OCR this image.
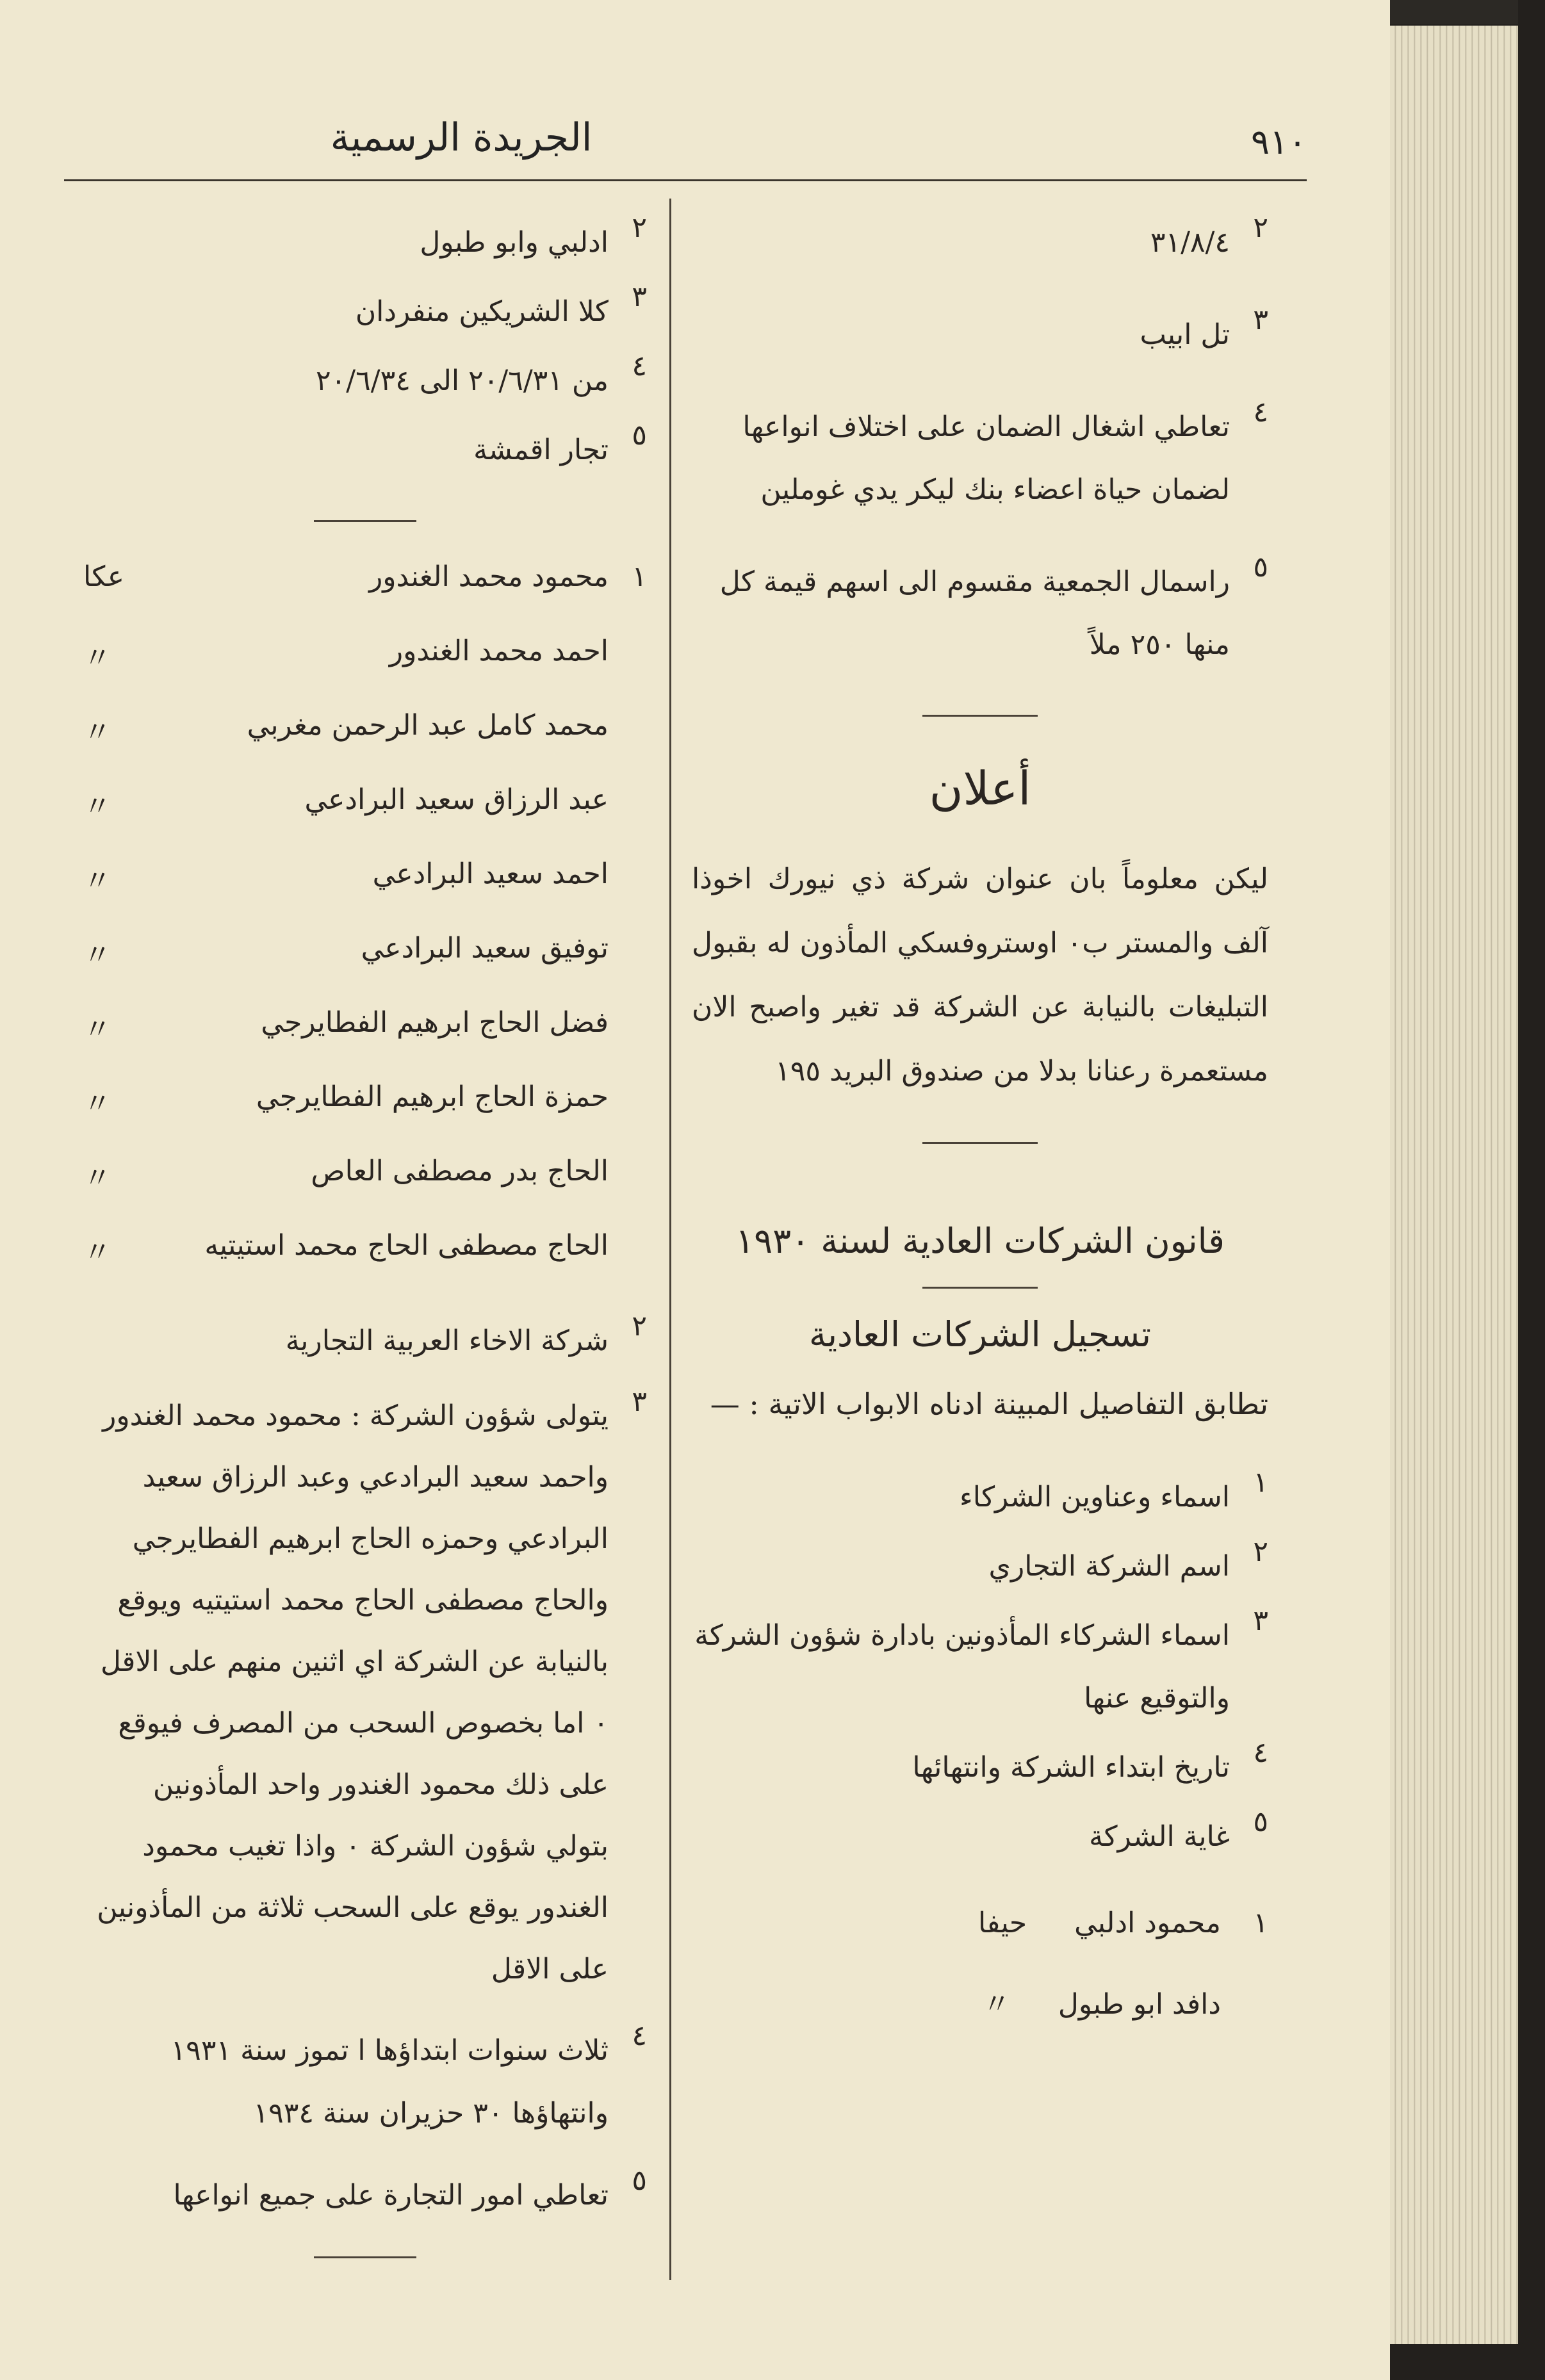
٩١٠
الجريدة الرسمية
٢
٣١/٨/٤
٣
تل ابيب
٤
تعاطي اشغال الضمان على اختلاف انواعها لضمان حياة اعضاء بنك ليكر يدي غوملين
٥
راسمال الجمعية مقسوم الى اسهم قيمة كل منها ٢٥٠ ملاً
أعلان
ليكن معلوماً بان عنوان شركة ذي نيورك اخوذا آلف والمستر ب٠ اوستروفسكي المأذون له بقبول التبليغات بالنيابة عن الشركة قد تغير واصبح الان مستعمرة رعنانا بدلا من صندوق البريد ١٩٥
قانون الشركات العادية لسنة ١٩٣٠
تسجيل الشركات العادية
تطابق التفاصيل المبينة ادناه الابواب الاتية : —
١
اسماء وعناوين الشركاء
٢
اسم الشركة التجاري
٣
اسماء الشركاء المأذونين بادارة شؤون الشركة والتوقيع عنها
٤
تاريخ ابتداء الشركة وانتهائها
٥
غاية الشركة
١ محمود ادلبي حيفا
دافد ابو طبول 〃
٢
ادلبي وابو طبول
٣
كلا الشريكين منفردان
٤
من ٢٠/٦/٣١ الى ٢٠/٦/٣٤
٥
تجار اقمشة
١
محمود محمد الغندور
عكا
احمد محمد الغندور
〃
محمد كامل عبد الرحمن مغربي
〃
عبد الرزاق سعيد البرادعي
〃
احمد سعيد البرادعي
〃
توفيق سعيد البرادعي
〃
فضل الحاج ابرهيم الفطايرجي
〃
حمزة الحاج ابرهيم الفطايرجي
〃
الحاج بدر مصطفى العاص
〃
الحاج مصطفى الحاج محمد استيتيه
〃
٢
شركة الاخاء العربية التجارية
٣
يتولى شؤون الشركة : محمود محمد الغندور واحمد سعيد البرادعي وعبد الرزاق سعيد البرادعي وحمزه الحاج ابرهيم الفطايرجي والحاج مصطفى الحاج محمد استيتيه ويوقع بالنيابة عن الشركة اي اثنين منهم على الاقل ٠ اما بخصوص السحب من المصرف فيوقع على ذلك محمود الغندور واحد المأذونين بتولي شؤون الشركة ٠ واذا تغيب محمود الغندور يوقع على السحب ثلاثة من المأذونين على الاقل
٤
ثلاث سنوات ابتداؤها ا تموز سنة ١٩٣١ وانتهاؤها ٣٠ حزيران سنة ١٩٣٤
٥
تعاطي امور التجارة على جميع انواعها
